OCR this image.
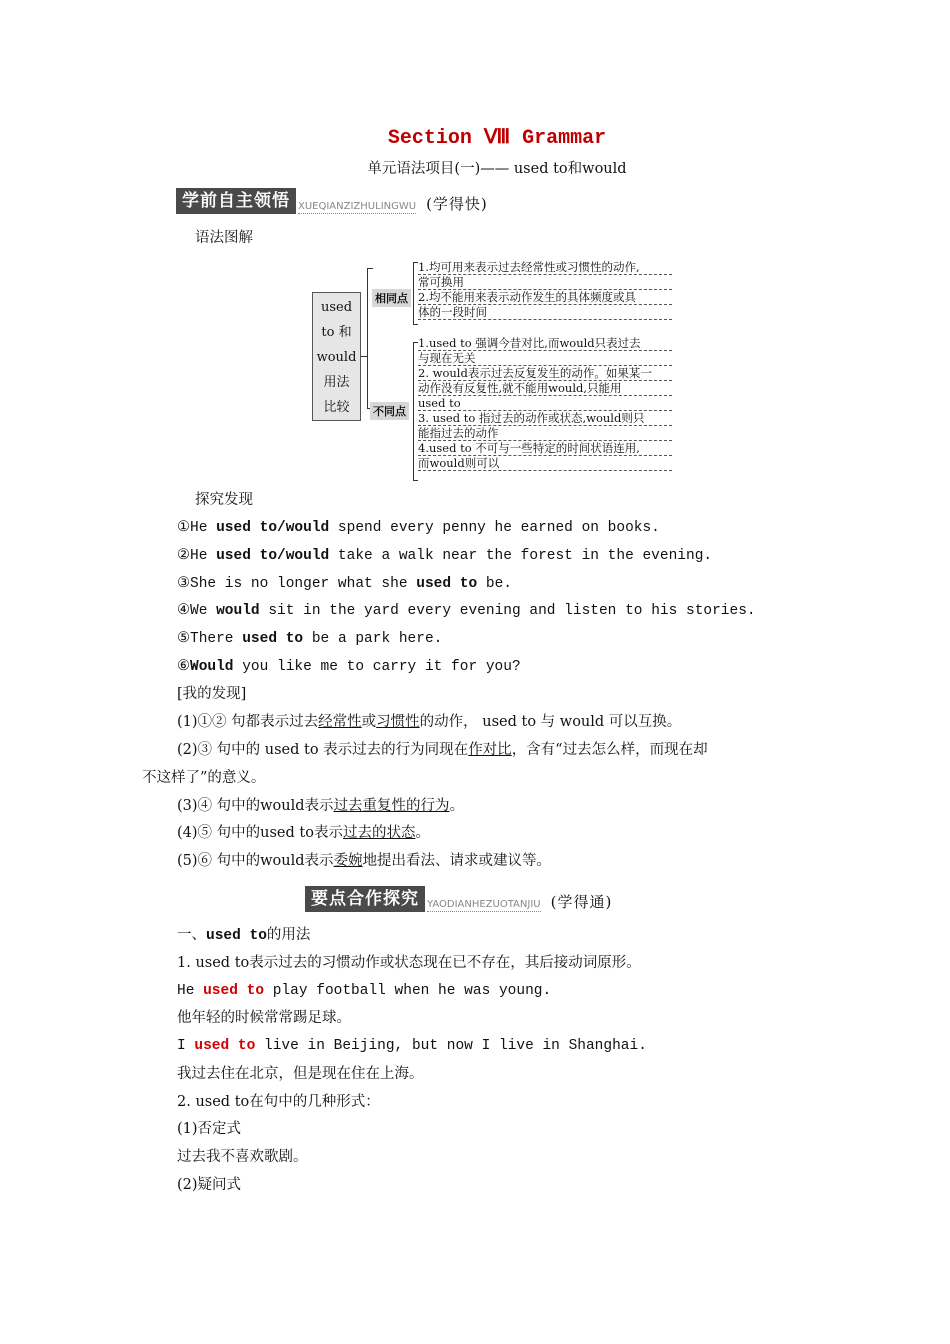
Section Ⅷ Grammar
单元语法项目(一)—— used to和would
学前自主领悟 XUEQIANZIZHULINGWU (学得快)
语法图解
used
to 和
would
用法
比较
相同点
不同点
1.均可用来表示过去经常性或习惯性的动作,
常可换用
2.均不能用来表示动作发生的具体频度或具
体的一段时间
1.used to 强调今昔对比,而would只表过去
与现在无关
2. would表示过去反复发生的动作。如果某一
动作没有反复性,就不能用would,只能用
used to
3. used to 指过去的动作或状态,would则只
能指过去的动作
4.used to 不可与一些特定的时间状语连用,
而would则可以
探究发现
①He used to/would spend every penny he earned on books.
②He used to/would take a walk near the forest in the evening.
③She is no longer what she used to be.
④We would sit in the yard every evening and listen to his stories.
⑤There used to be a park here.
⑥Would you like me to carry it for you?
[我的发现]
(1)①② 句都表示过去经常性或习惯性的动作， used to 与 would 可以互换。
(2)③ 句中的 used to 表示过去的行为同现在作对比，含有“过去怎么样，而现在却
不这样了”的意义。
(3)④ 句中的would表示过去重复性的行为。
(4)⑤ 句中的used to表示过去的状态。
(5)⑥ 句中的would表示委婉地提出看法、请求或建议等。
要点合作探究 YAODIANHEZUOTANJIU (学得通)
一、used to的用法
1. used to表示过去的习惯动作或状态现在已不存在，其后接动词原形。
He used to play football when he was young.
他年轻的时候常常踢足球。
I used to live in Beijing, but now I live in Shanghai.
我过去住在北京，但是现在住在上海。
2. used to在句中的几种形式：
(1)否定式
过去我不喜欢歌剧。
(2)疑问式
